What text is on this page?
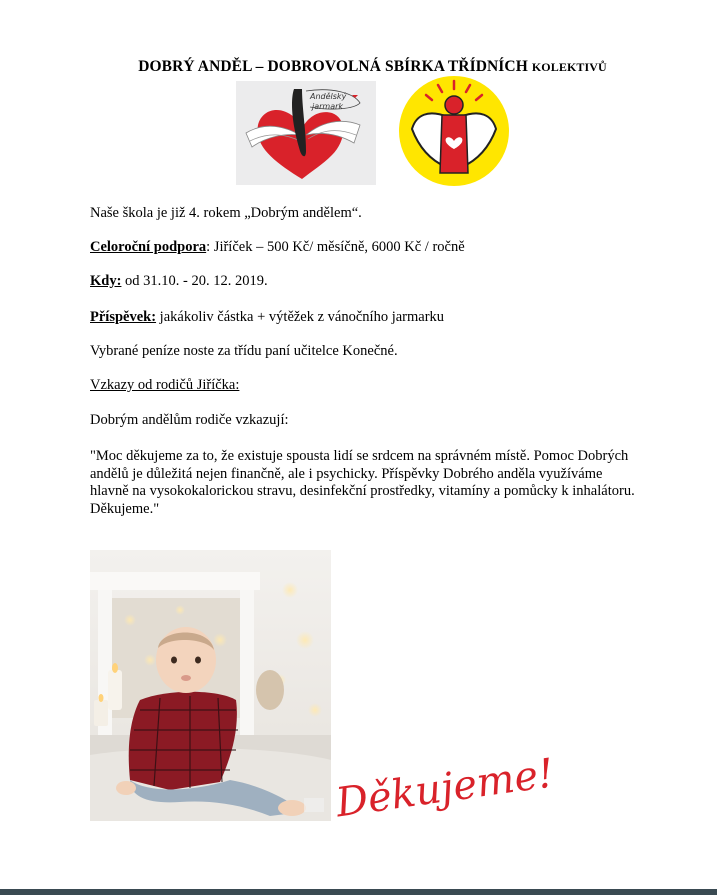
DOBRÝ ANDĚL – DOBROVOLNÁ SBÍRKA TŘÍDNÍCH KOLEKTIVŮ
Andělský
jarmark
Naše škola je již 4. rokem „Dobrým andělem“.
Celoroční podpora: Jiříček – 500 Kč/ měsíčně, 6000 Kč / ročně
Kdy: od 31.10. - 20. 12. 2019.
Příspěvek: jakákoliv částka + výtěžek z vánočního jarmarku
Vybrané peníze noste za třídu paní učitelce Konečné.
Vzkazy od rodičů Jiříčka:
Dobrým andělům rodiče vzkazují:
"Moc děkujeme za to, že existuje spousta lidí se srdcem na správném místě. Pomoc Dobrých
andělů je důležitá nejen finančně, ale i psychicky. Příspěvky Dobrého anděla využíváme
hlavně na vysokokalorickou stravu, desinfekční prostředky, vitamíny a pomůcky k inhalátoru.
Děkujeme."
Děkujeme!
